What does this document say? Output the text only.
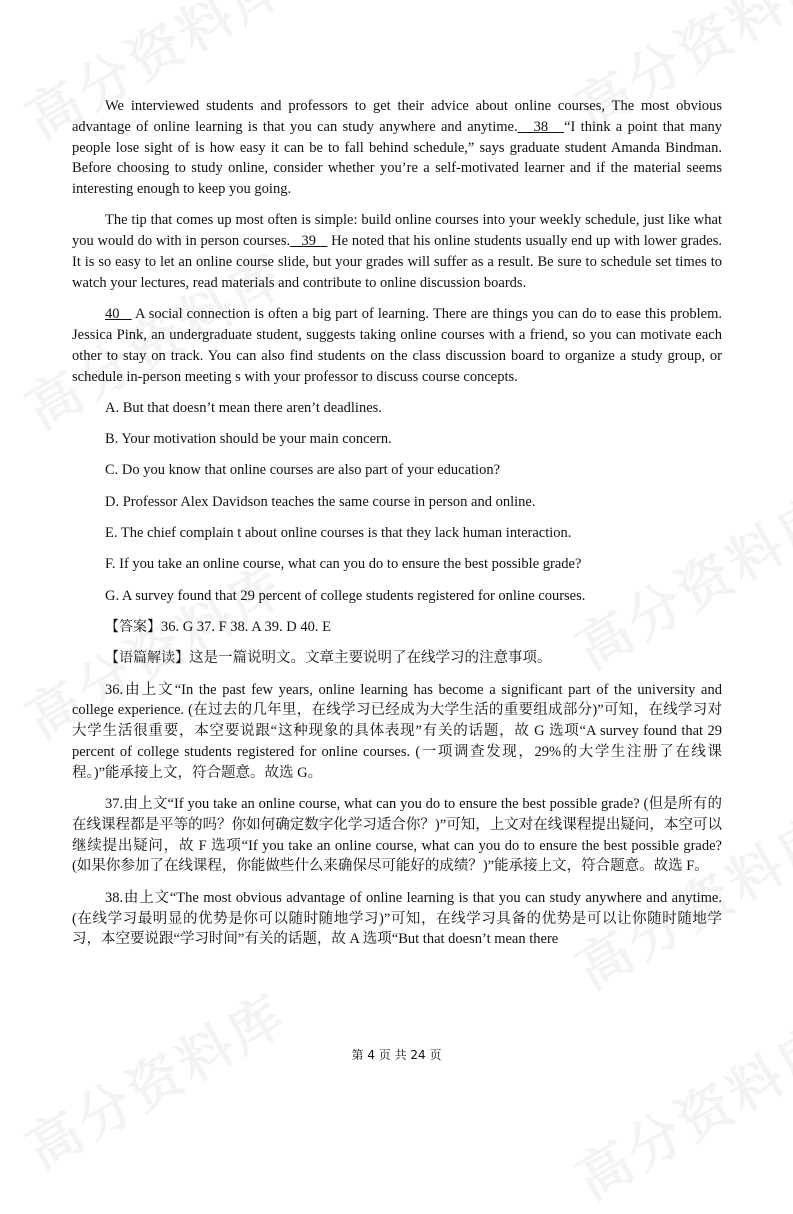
We interviewed students and professors to get their advice about online courses, The most obvious advantage of online learning is that you can study anywhere and anytime.   38   “I think a point that many people lose sight of is how easy it can be to fall behind schedule,” says graduate student Amanda Bindman. Before choosing to study online, consider whether you’re a self-motivated learner and if the material seems interesting enough to keep you going.

The tip that comes up most often is simple: build online courses into your weekly schedule, just like what you would do with in person courses.   39    He noted that his online students usually end up with lower grades. It is so easy to let an online course slide, but your grades will suffer as a result. Be sure to schedule set times to watch your lectures, read materials and contribute to online discussion boards.

40    A social connection is often a big part of learning. There are things you can do to ease this problem. Jessica Pink, an undergraduate student, suggests taking online courses with a friend, so you can motivate each other to stay on track. You can also find students on the class discussion board to organize a study group, or schedule in-person meeting s with your professor to discuss course concepts.

A. But that doesn’t mean there aren’t deadlines.
B. Your motivation should be your main concern.
C. Do you know that online courses are also part of your education?
D. Professor Alex Davidson teaches the same course in person and online.
E. The chief complain t about online courses is that they lack human interaction.
F. If you take an online course, what can you do to ensure the best possible grade?
G. A survey found that 29 percent of college students registered for online courses.
【答案】36. G 37. F 38. A 39. D 40. E
【语篇解读】这是一篇说明文。文章主要说明了在线学习的注意事项。

36.由上文“In the past few years, online learning has become a significant part of the university and college experience. (在过去的几年里，在线学习已经成为大学生活的重要组成部分)”可知，在线学习对大学生活很重要，本空要说跟“这种现象的具体表现”有关的话题，故 G 选项“A survey found that 29 percent of college students registered for online courses. (一项调查发现，29%的大学生注册了在线课程。)”能承接上文，符合题意。故选 G。

37.由上文“If you take an online course, what can you do to ensure the best possible grade? (但是所有的在线课程都是平等的吗？你如何确定数字化学习适合你？)”可知，上文对在线课程提出疑问，本空可以继续提出疑问，故 F 选项“If you take an online course, what can you do to ensure the best possible grade? (如果你参加了在线课程，你能做些什么来确保尽可能好的成绩？)”能承接上文，符合题意。故选 F。

38.由上文“The most obvious advantage of online learning is that you can study anywhere and anytime. (在线学习最明显的优势是你可以随时随地学习)”可知，在线学习具备的优势是可以让你随时随地学习，本空要说跟“学习时间”有关的话题，故 A 选项“But that doesn’t mean there

第 4 页 共 24 页
